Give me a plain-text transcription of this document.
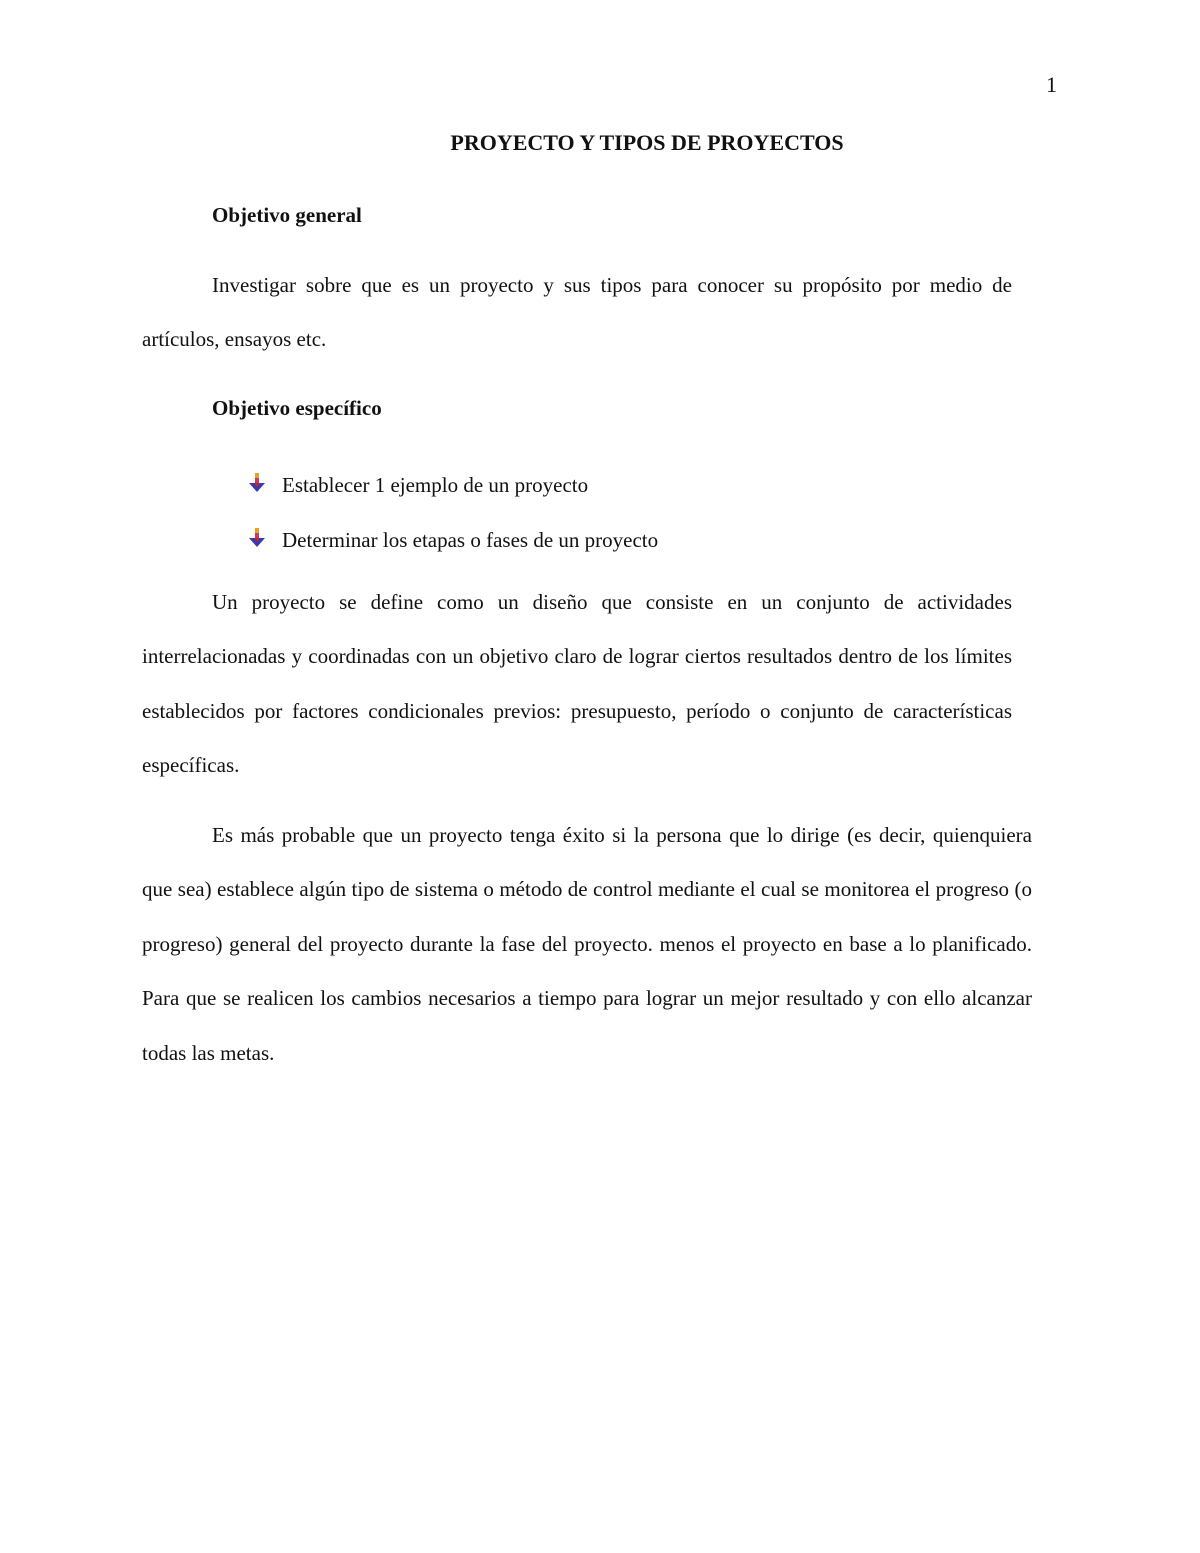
1
PROYECTO Y TIPOS DE PROYECTOS
Objetivo general

Investigar sobre que es un proyecto y sus tipos para conocer su propósito por medio de artículos, ensayos etc.

Objetivo específico
Establecer 1 ejemplo de un proyecto
Determinar los etapas o fases de un proyecto

Un proyecto se define como un diseño que consiste en un conjunto de actividades interrelacionadas y coordinadas con un objetivo claro de lograr ciertos resultados dentro de los límites establecidos por factores condicionales previos: presupuesto, período o conjunto de características específicas.

Es más probable que un proyecto tenga éxito si la persona que lo dirige (es decir, quienquiera que sea) establece algún tipo de sistema o método de control mediante el cual se monitorea el progreso (o progreso) general del proyecto durante la fase del proyecto. menos el proyecto en base a lo planificado. Para que se realicen los cambios necesarios a tiempo para lograr un mejor resultado y con ello alcanzar todas las metas.
